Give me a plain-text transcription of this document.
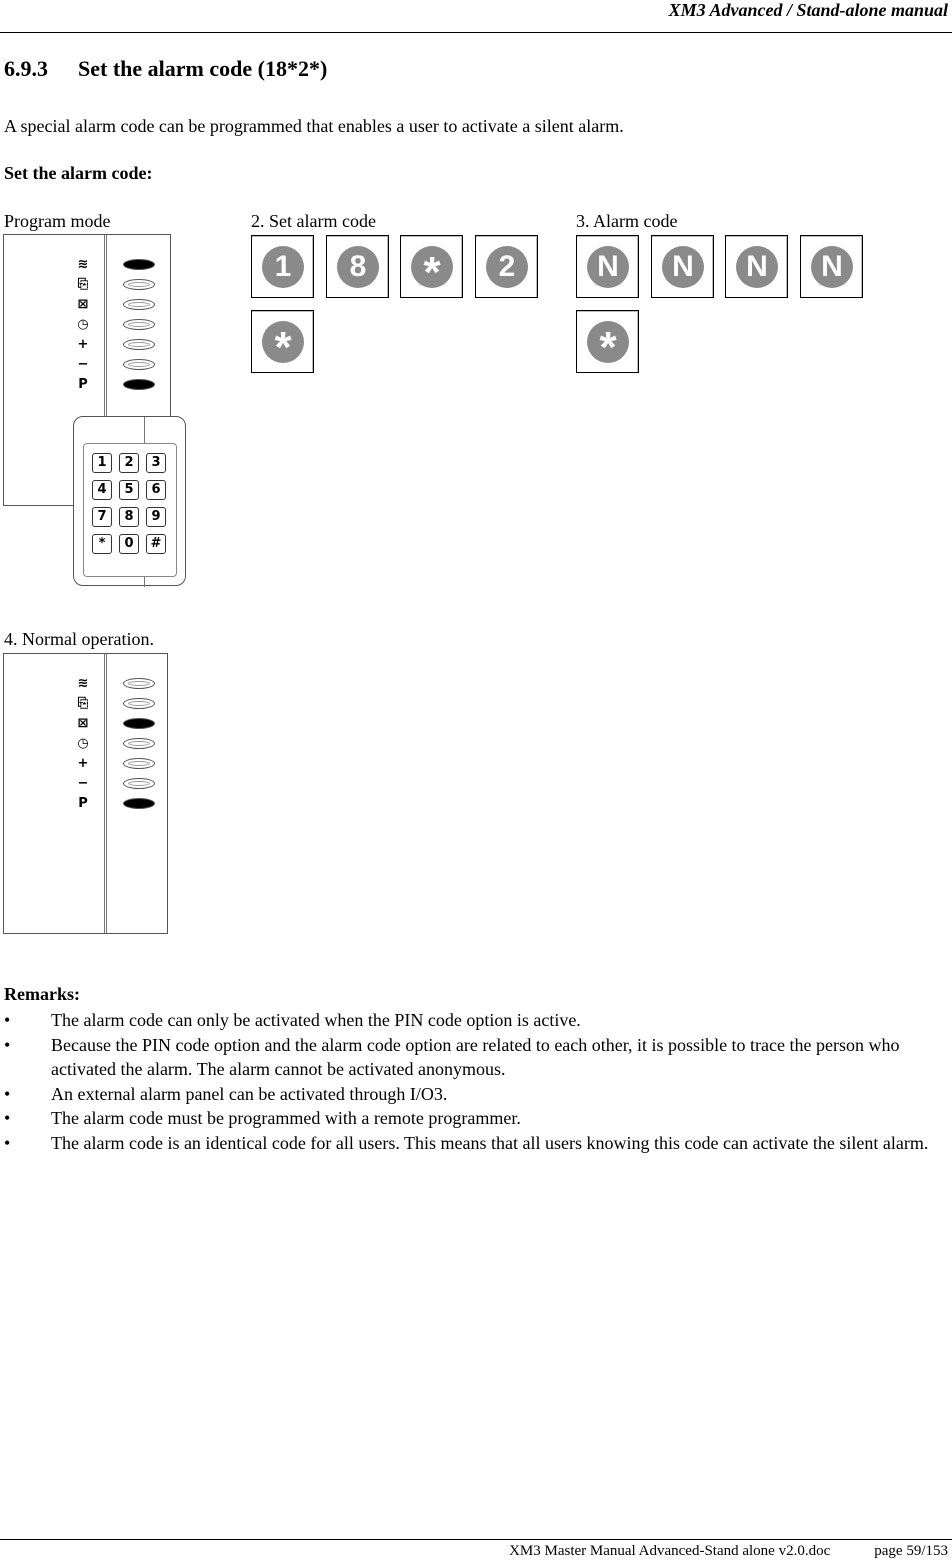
XM3 Advanced / Stand-alone manual
6.9.3 Set the alarm code (18*2*)
A special alarm code can be programmed that enables a user to activate a silent alarm.
Set the alarm code:
Program mode	2. Set alarm code	3. Alarm code
≋
⎘
⊠
◷
+
−
P
1	2	3
4	5	6
7	8	9
*	0	#
1	8 *	2
*
N	N	N	N
*
4. Normal operation.
≋
⎘
⊠
◷
+
−
P
Remarks:
• The alarm code can only be activated when the PIN code option is active.
• Because the PIN code option and the alarm code option are related to each other, it is possible to trace the person who activated the alarm. The alarm cannot be activated anonymous.
• An external alarm panel can be activated through I/O3.
• The alarm code must be programmed with a remote programmer.
• The alarm code is an identical code for all users. This means that all users knowing this code can activate the silent alarm.
XM3 Master Manual Advanced-Stand alone v2.0.doc	page 59/153
